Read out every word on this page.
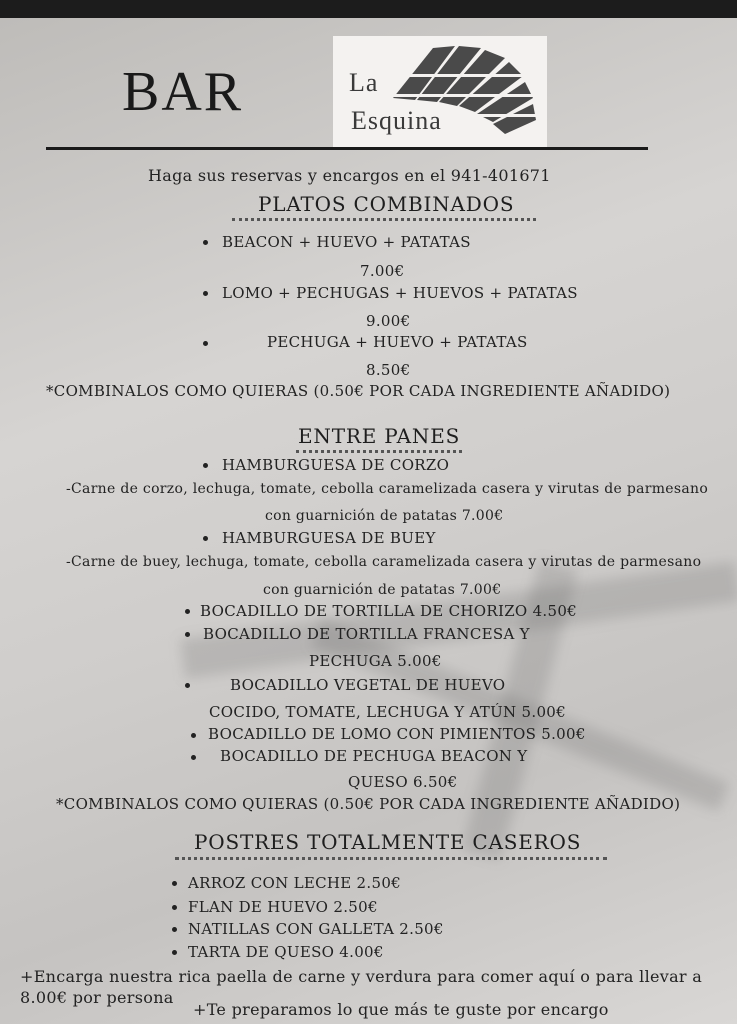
BAR	La
Esquina
Haga sus reservas y encargos en el 941-401671
PLATOS COMBINADOS
BEACON + HUEVO + PATATAS
7.00€
LOMO + PECHUGAS + HUEVOS + PATATAS
9.00€
PECHUGA + HUEVO + PATATAS
8.50€
*COMBINALOS COMO QUIERAS (0.50€ POR CADA INGREDIENTE AÑADIDO)
ENTRE PANES
HAMBURGUESA DE CORZO
-Carne de corzo, lechuga, tomate, cebolla caramelizada casera y virutas de parmesano
con guarnición de patatas 7.00€
HAMBURGUESA DE BUEY
-Carne de buey, lechuga, tomate, cebolla caramelizada casera y virutas de parmesano
con guarnición de patatas 7.00€
BOCADILLO DE TORTILLA DE CHORIZO 4.50€
BOCADILLO DE TORTILLA FRANCESA Y
PECHUGA 5.00€
BOCADILLO VEGETAL DE HUEVO
COCIDO, TOMATE, LECHUGA Y ATÚN 5.00€
BOCADILLO DE LOMO CON PIMIENTOS 5.00€
BOCADILLO DE PECHUGA BEACON Y
QUESO 6.50€
*COMBINALOS COMO QUIERAS (0.50€ POR CADA INGREDIENTE AÑADIDO)
POSTRES TOTALMENTE CASEROS
ARROZ CON LECHE 2.50€
FLAN DE HUEVO 2.50€
NATILLAS CON GALLETA 2.50€
TARTA DE QUESO 4.00€
+Encarga nuestra rica paella de carne y verdura para comer aquí o para llevar a
8.00€ por persona
+Te preparamos lo que más te guste por encargo
